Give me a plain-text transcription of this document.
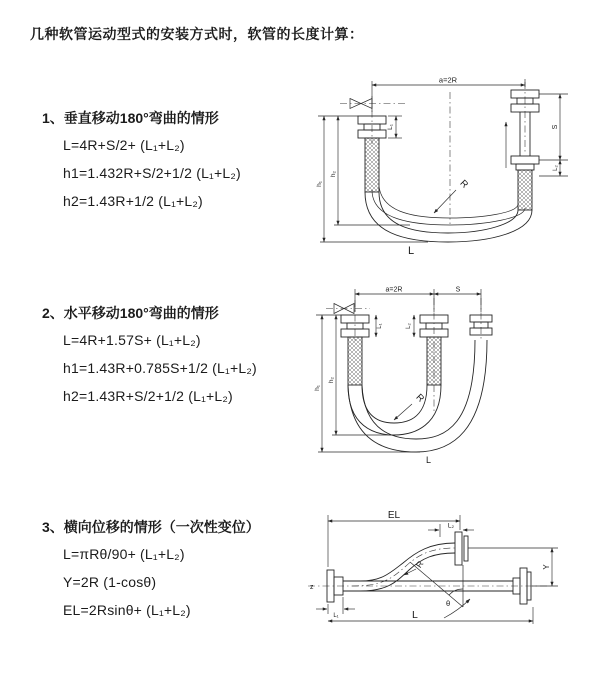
几种软管运动型式的安装方式时，软管的长度计算：
1、垂直移动180°弯曲的情形
L=4R+S/2+ (L₁+L₂)
h1=1.432R+S/2+1/2 (L₁+L₂)
h2=1.43R+1/2 (L₁+L₂)
2、水平移动180°弯曲的情形
L=4R+1.57S+ (L₁+L₂)
h1=1.43R+0.785S+1/2 (L₁+L₂)
h2=1.43R+S/2+1/2 (L₁+L₂)
3、横向位移的情形（一次性变位）
L=πRθ/90+ (L₁+L₂)
Y=2R (1-cosθ)
EL=2Rsinθ+ (L₁+L₂)
a=2R
L₁	S
L₂
h₁
h₂
R
L
a=2R	S
L₁	L₂
h₁
h₂
R
L
EL
L₂
z
Y
R
θ
L₁	L
